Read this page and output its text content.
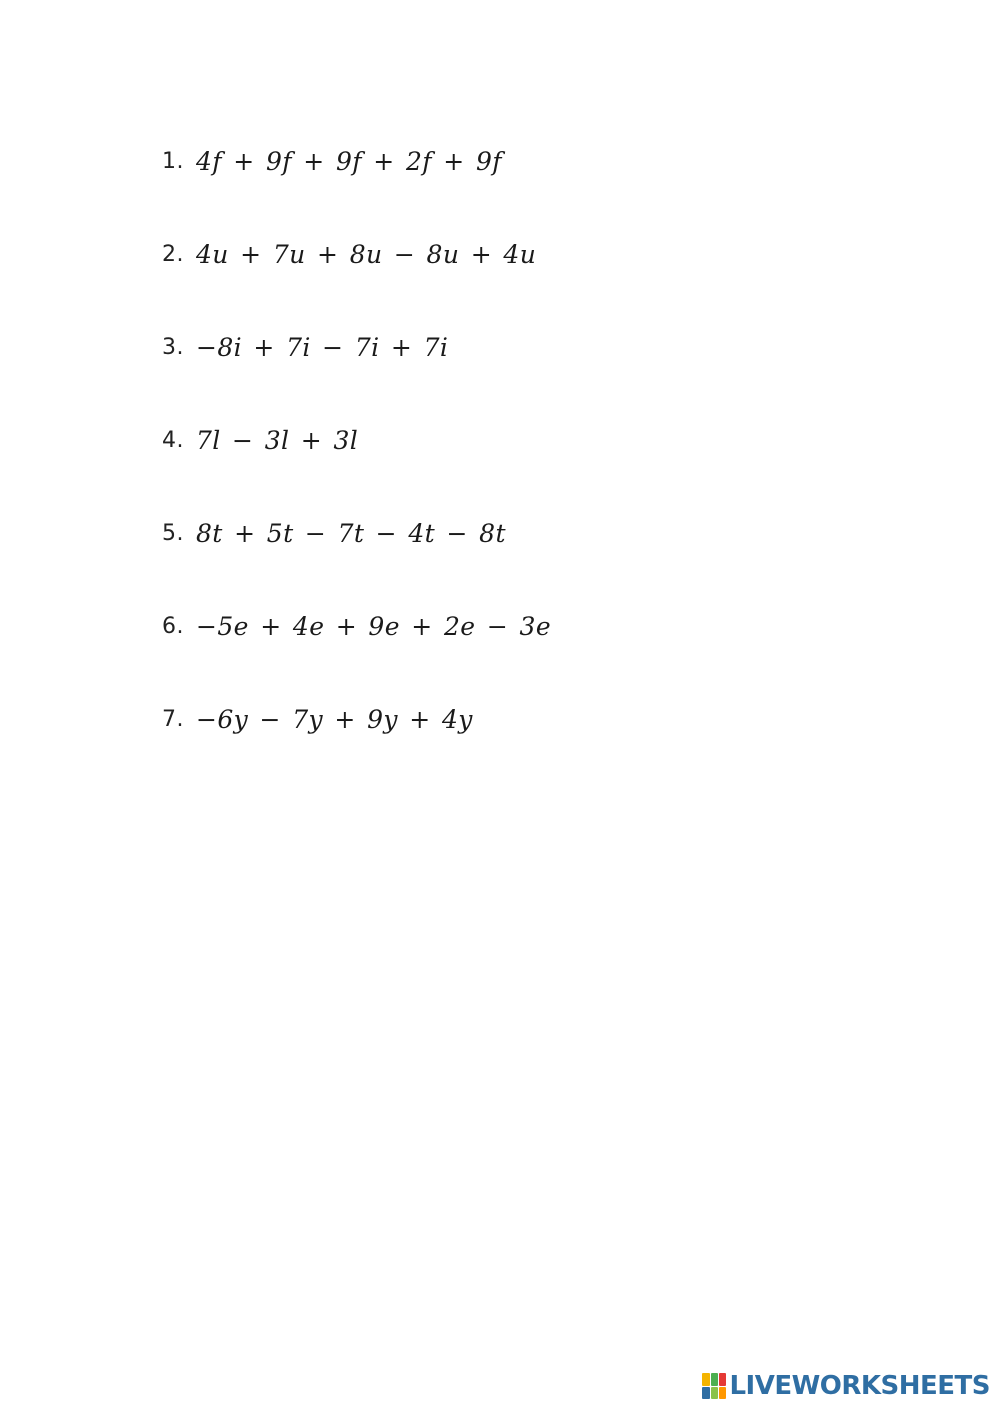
1. 4f + 9f + 9f + 2f + 9f
2. 4u + 7u + 8u − 8u + 4u
3. −8i + 7i − 7i + 7i
4. 7l − 3l + 3l
5. 8t + 5t − 7t − 4t − 8t
6. −5e + 4e + 9e + 2e − 3e
7. −6y − 7y + 9y + 4y
LIVEWORKSHEETS
